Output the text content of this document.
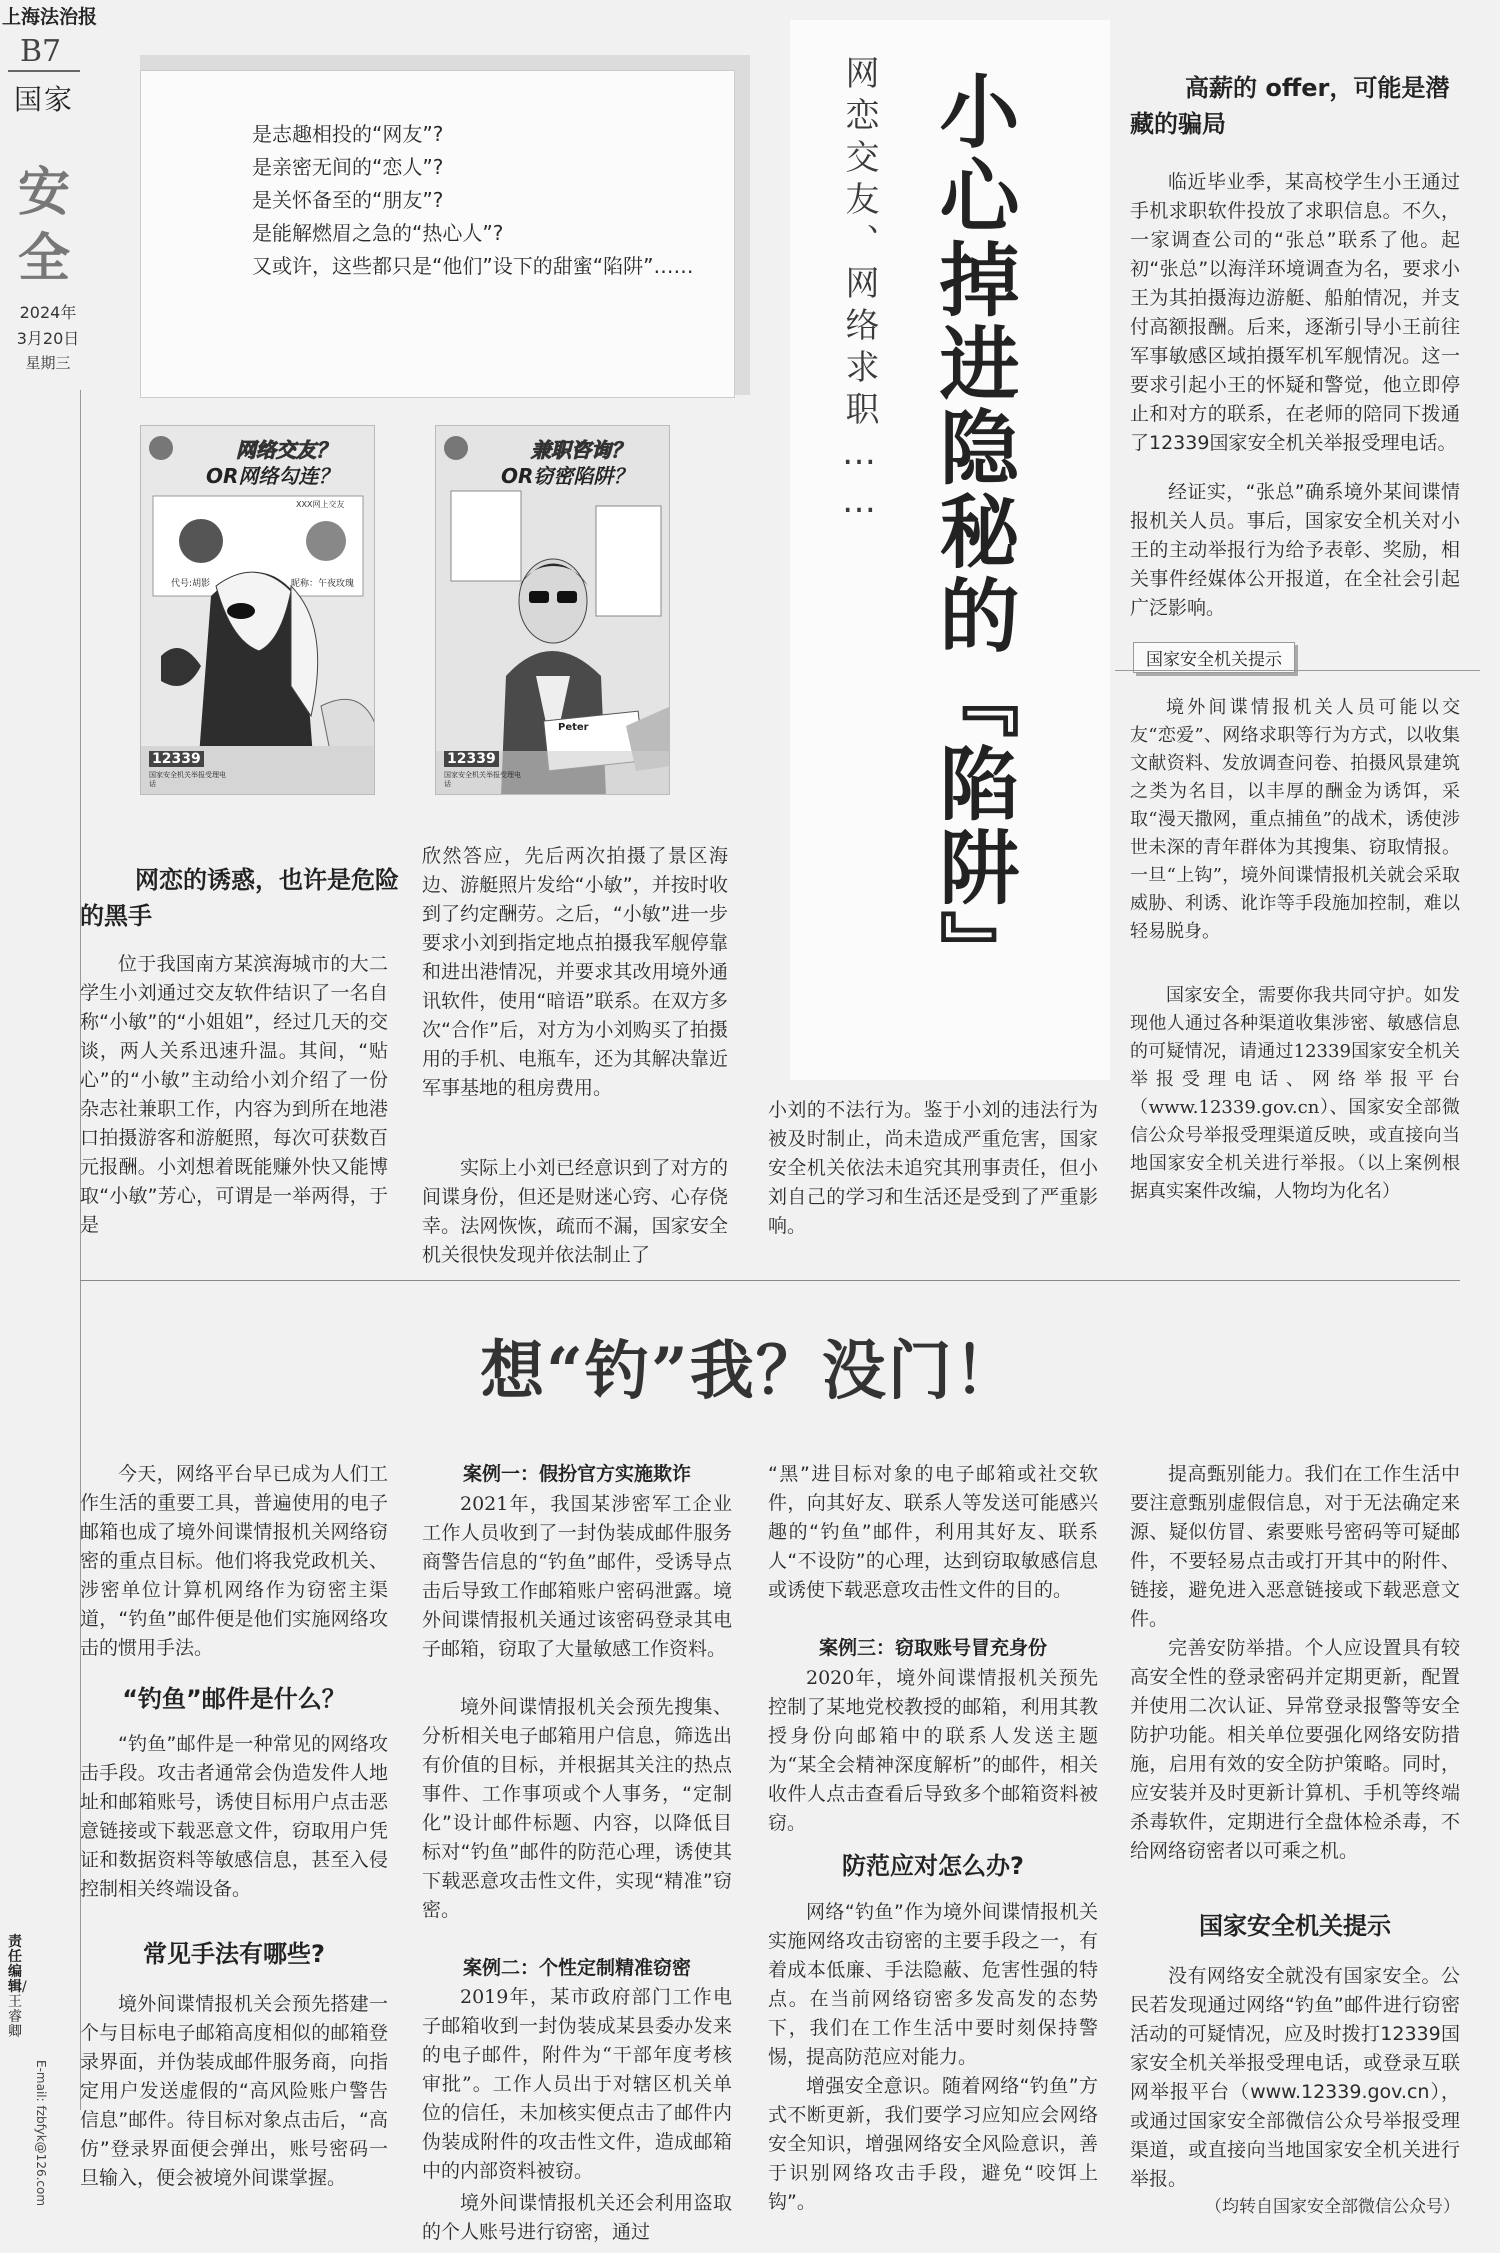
上海法治报
B7
国家
安全
2024年
3月20日
星期三
责任编辑/王睿卿
E-mail: fzbfyk@126.com
是志趣相投的“网友”?
是亲密无间的“恋人”?
是关怀备至的“朋友”?
是能解燃眉之急的“热心人”?
又或许，这些都只是“他们”设下的甜蜜“陷阱”……	网恋交友、网络求职…… 小心掉进隐秘的『陷阱』
网络交友？
OR网络勾连？
XXX网上交友
代号:胡影	昵称：午夜玫瑰
12339
国家安全机关举报受理电话
兼职咨询？
OR窃密陷阱？
Peter
12339
国家安全机关举报受理电话
网恋的诱惑，也许是危险的黑手
位于我国南方某滨海城市的大二学生小刘通过交友软件结识了一名自称“小敏”的“小姐姐”，经过几天的交谈，两人关系迅速升温。其间，“贴心”的“小敏”主动给小刘介绍了一份杂志社兼职工作，内容为到所在地港口拍摄游客和游艇照，每次可获数百元报酬。小刘想着既能赚外快又能博取“小敏”芳心，可谓是一举两得，于是
欣然答应，先后两次拍摄了景区海边、游艇照片发给“小敏”，并按时收到了约定酬劳。之后，“小敏”进一步要求小刘到指定地点拍摄我军舰停靠和进出港情况，并要求其改用境外通讯软件，使用“暗语”联系。在双方多次“合作”后，对方为小刘购买了拍摄用的手机、电瓶车，还为其解决靠近军事基地的租房费用。
实际上小刘已经意识到了对方的间谍身份，但还是财迷心窍、心存侥幸。法网恢恢，疏而不漏，国家安全机关很快发现并依法制止了
小刘的不法行为。鉴于小刘的违法行为被及时制止，尚未造成严重危害，国家安全机关依法未追究其刑事责任，但小刘自己的学习和生活还是受到了严重影响。
高薪的 offer，可能是潜藏的骗局
临近毕业季，某高校学生小王通过手机求职软件投放了求职信息。不久，一家调查公司的“张总”联系了他。起初“张总”以海洋环境调查为名，要求小王为其拍摄海边游艇、船舶情况，并支付高额报酬。后来，逐渐引导小王前往军事敏感区域拍摄军机军舰情况。这一要求引起小王的怀疑和警觉，他立即停止和对方的联系，在老师的陪同下拨通了12339国家安全机关举报受理电话。
经证实，“张总”确系境外某间谍情报机关人员。事后，国家安全机关对小王的主动举报行为给予表彰、奖励，相关事件经媒体公开报道，在全社会引起广泛影响。
国家安全机关提示
境外间谍情报机关人员可能以交友“恋爱”、网络求职等行为方式，以收集文献资料、发放调查问卷、拍摄风景建筑之类为名目，以丰厚的酬金为诱饵，采取“漫天撒网，重点捕鱼”的战术，诱使涉世未深的青年群体为其搜集、窃取情报。一旦“上钩”，境外间谍情报机关就会采取威胁、利诱、讹诈等手段施加控制，难以轻易脱身。
国家安全，需要你我共同守护。如发现他人通过各种渠道收集涉密、敏感信息的可疑情况，请通过12339国家安全机关举报受理电话、网络举报平台（www.12339.gov.cn）、国家安全部微信公众号举报受理渠道反映，或直接向当地国家安全机关进行举报。（以上案例根据真实案件改编，人物均为化名）
想“钓”我？没门！
今天，网络平台早已成为人们工作生活的重要工具，普遍使用的电子邮箱也成了境外间谍情报机关网络窃密的重点目标。他们将我党政机关、涉密单位计算机网络作为窃密主渠道，“钓鱼”邮件便是他们实施网络攻击的惯用手法。
“钓鱼”邮件是什么？
“钓鱼”邮件是一种常见的网络攻击手段。攻击者通常会伪造发件人地址和邮箱账号，诱使目标用户点击恶意链接或下载恶意文件，窃取用户凭证和数据资料等敏感信息，甚至入侵控制相关终端设备。
常见手法有哪些?
境外间谍情报机关会预先搭建一个与目标电子邮箱高度相似的邮箱登录界面，并伪装成邮件服务商，向指定用户发送虚假的“高风险账户警告信息”邮件。待目标对象点击后，“高仿”登录界面便会弹出，账号密码一旦输入，便会被境外间谍掌握。
案例一：假扮官方实施欺诈
2021年，我国某涉密军工企业工作人员收到了一封伪装成邮件服务商警告信息的“钓鱼”邮件，受诱导点击后导致工作邮箱账户密码泄露。境外间谍情报机关通过该密码登录其电子邮箱，窃取了大量敏感工作资料。
境外间谍情报机关会预先搜集、分析相关电子邮箱用户信息，筛选出有价值的目标，并根据其关注的热点事件、工作事项或个人事务，“定制化”设计邮件标题、内容，以降低目标对“钓鱼”邮件的防范心理，诱使其下载恶意攻击性文件，实现“精准”窃密。
案例二：个性定制精准窃密
2019年，某市政府部门工作电子邮箱收到一封伪装成某县委办发来的电子邮件，附件为“干部年度考核审批”。工作人员出于对辖区机关单位的信任，未加核实便点击了邮件内伪装成附件的攻击性文件，造成邮箱中的内部资料被窃。
境外间谍情报机关还会利用盗取的个人账号进行窃密，通过
“黑”进目标对象的电子邮箱或社交软件，向其好友、联系人等发送可能感兴趣的“钓鱼”邮件，利用其好友、联系人“不设防”的心理，达到窃取敏感信息或诱使下载恶意攻击性文件的目的。
案例三：窃取账号冒充身份
2020年，境外间谍情报机关预先控制了某地党校教授的邮箱，利用其教授身份向邮箱中的联系人发送主题为“某全会精神深度解析”的邮件，相关收件人点击查看后导致多个邮箱资料被窃。
防范应对怎么办?
网络“钓鱼”作为境外间谍情报机关实施网络攻击窃密的主要手段之一，有着成本低廉、手法隐蔽、危害性强的特点。在当前网络窃密多发高发的态势下，我们在工作生活中要时刻保持警惕，提高防范应对能力。
增强安全意识。随着网络“钓鱼”方式不断更新，我们要学习应知应会网络安全知识，增强网络安全风险意识，善于识别网络攻击手段，避免“咬饵上钩”。
提高甄别能力。我们在工作生活中要注意甄别虚假信息，对于无法确定来源、疑似仿冒、索要账号密码等可疑邮件，不要轻易点击或打开其中的附件、链接，避免进入恶意链接或下载恶意文件。
完善安防举措。个人应设置具有较高安全性的登录密码并定期更新，配置并使用二次认证、异常登录报警等安全防护功能。相关单位要强化网络安防措施，启用有效的安全防护策略。同时，应安装并及时更新计算机、手机等终端杀毒软件，定期进行全盘体检杀毒，不给网络窃密者以可乘之机。
国家安全机关提示
没有网络安全就没有国家安全。公民若发现通过网络“钓鱼”邮件进行窃密活动的可疑情况，应及时拨打12339国家安全机关举报受理电话，或登录互联网举报平台（www.12339.gov.cn），或通过国家安全部微信公众号举报受理渠道，或直接向当地国家安全机关进行举报。
（均转自国家安全部微信公众号）
